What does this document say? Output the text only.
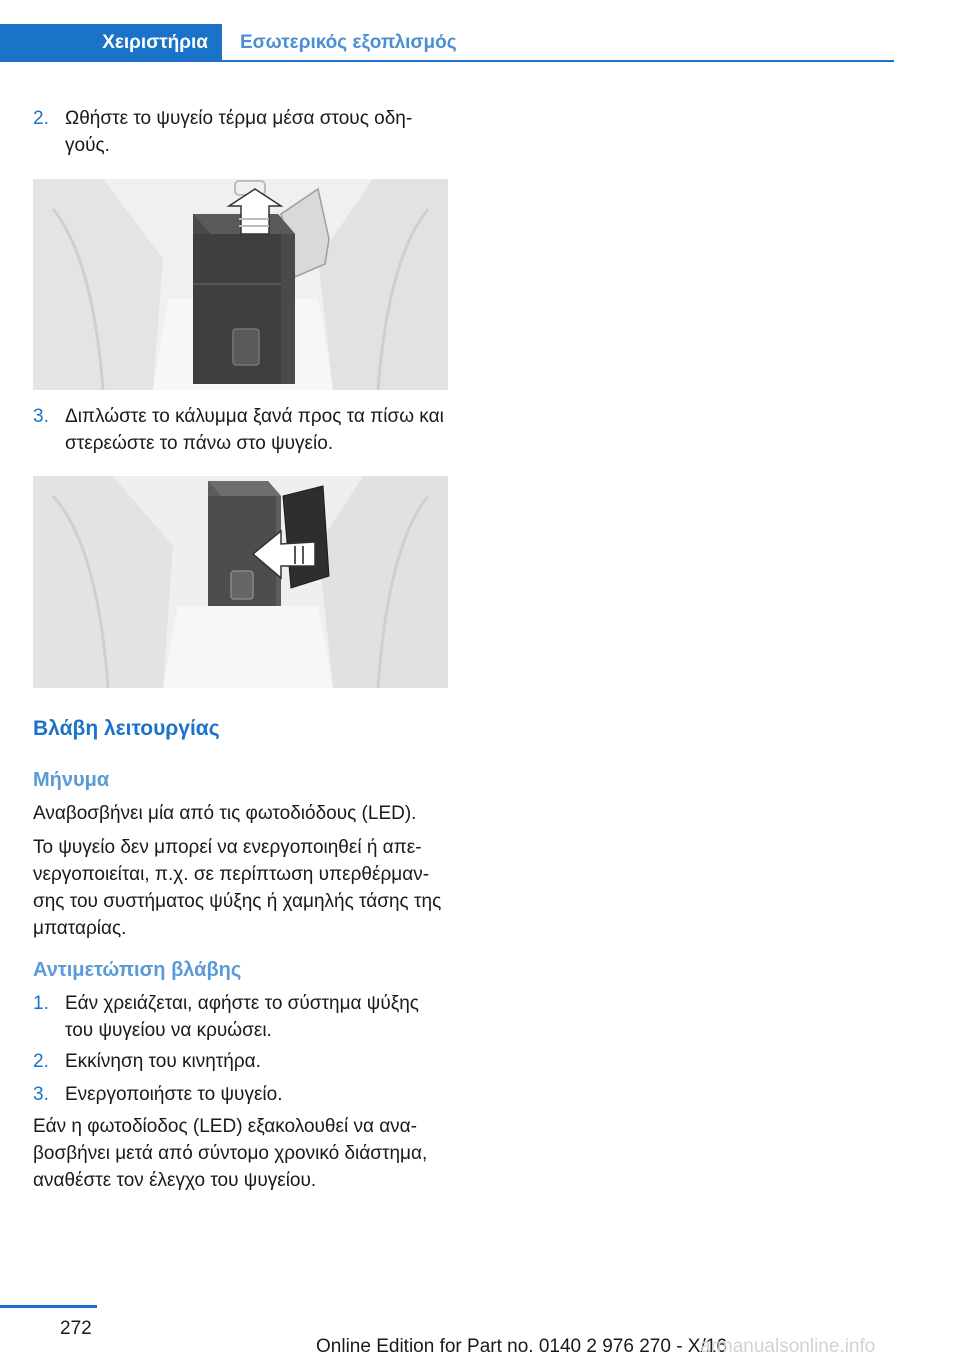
Χειριστήρια Εσωτερικός εξοπλισμός
2. Ωθήστε το ψυγείο τέρμα μέσα στους οδη‐γούς.
3. Διπλώστε το κάλυμμα ξανά προς τα πίσω και στερεώστε το πάνω στο ψυγείο.
Βλάβη λειτουργίας
Μήνυμα
Αναβοσβήνει μία από τις φωτοδιόδους (LED).
Το ψυγείο δεν μπορεί να ενεργοποιηθεί ή απε‐νεργοποιείται, π.χ. σε περίπτωση υπερθέρμαν‐σης του συστήματος ψύξης ή χαμηλής τάσης της μπαταρίας.
Αντιμετώπιση βλάβης
1. Εάν χρειάζεται, αφήστε το σύστημα ψύξης του ψυγείου να κρυώσει.
2. Εκκίνηση του κινητήρα.
3. Ενεργοποιήστε το ψυγείο.
Εάν η φωτοδίοδος (LED) εξακολουθεί να ανα‐βοσβήνει μετά από σύντομο χρονικό διάστημα, αναθέστε τον έλεγχο του ψυγείου.
272
Online Edition for Part no. 0140 2 976 270 - X/16
armanualsonline.info
